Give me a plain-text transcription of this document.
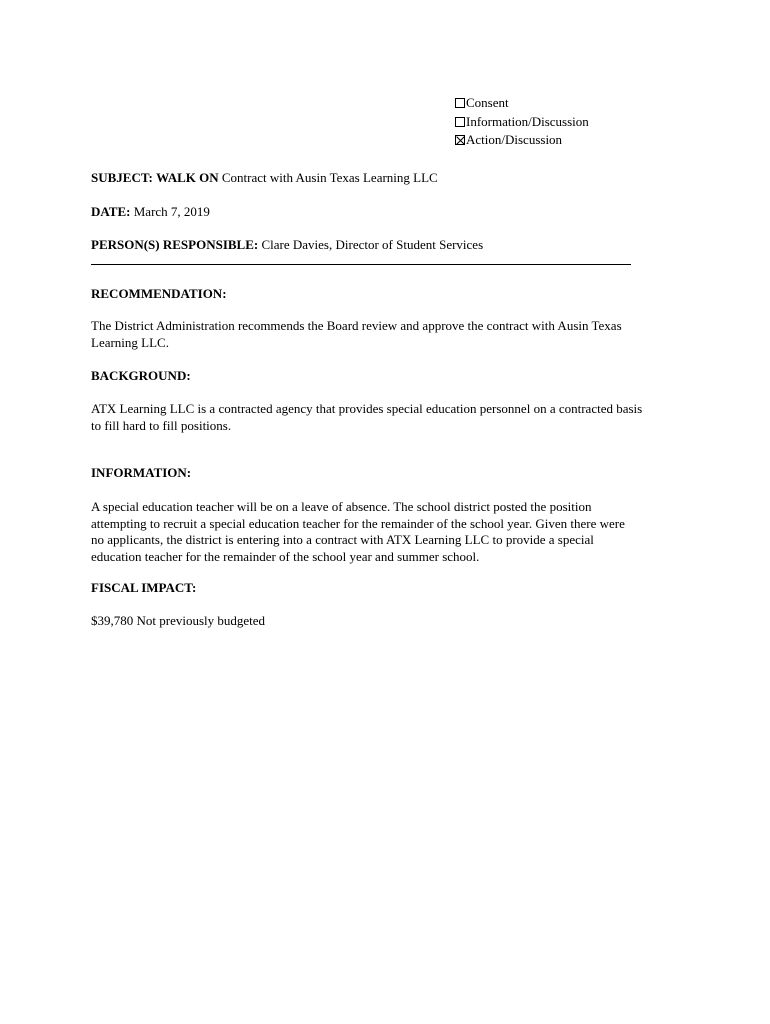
Consent
Information/Discussion
Action/Discussion
SUBJECT: WALK ON Contract with Ausin Texas Learning LLC
DATE: March 7, 2019
PERSON(S) RESPONSIBLE: Clare Davies, Director of Student Services
RECOMMENDATION:
The District Administration recommends the Board review and approve the contract with Ausin Texas
Learning LLC.
BACKGROUND:
ATX Learning LLC is a contracted agency that provides special education personnel on a contracted basis
to fill hard to fill positions.
INFORMATION:
A special education teacher will be on a leave of absence. The school district posted the position
attempting to recruit a special education teacher for the remainder of the school year. Given there were
no applicants, the district is entering into a contract with ATX Learning LLC to provide a special
education teacher for the remainder of the school year and summer school.
FISCAL IMPACT:
$39,780 Not previously budgeted
